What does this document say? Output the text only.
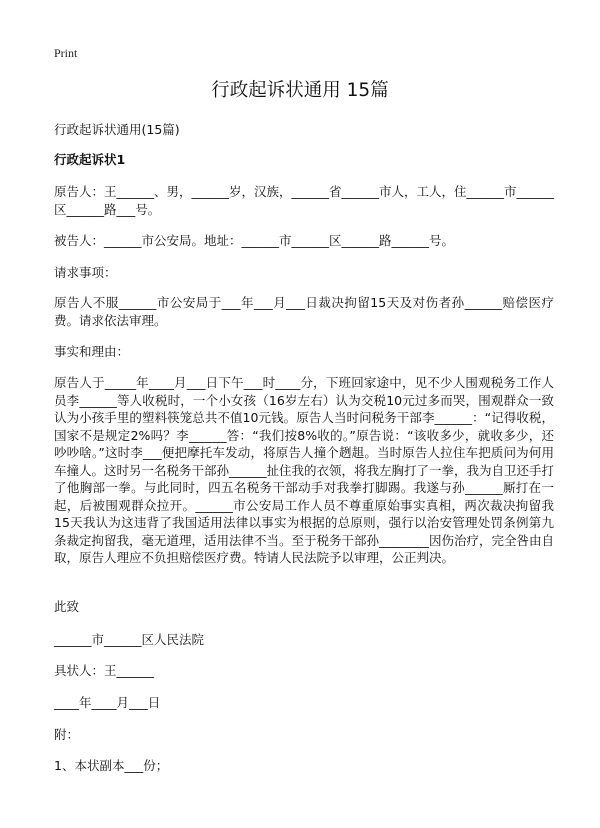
Print
行政起诉状通用 15篇

行政起诉状通用(15篇)

行政起诉状1

原告人：王______、男，______岁，汉族，______省______市人，工人，住______市______区______路___号。

被告人：______市公安局。地址：______市______区______路______号。

请求事项：

原告人不服______市公安局于___年___月___日裁决拘留15天及对伤者孙______赔偿医疗费。请求依法审理。

事实和理由：

原告人于_____年____月___日下午___时____分，下班回家途中，见不少人围观税务工作人员李______等人收税时，一个小女孩（16岁左右）认为交税10元过多而哭，围观群众一致认为小孩手里的塑料筷笼总共不值10元钱。原告人当时问税务干部李______：“记得收税，国家不是规定2%吗？李______答：“我们按8%收的。”原告说：“该收多少，就收多少，还吵吵啥。”这时李___便把摩托车发动，将原告人撞个趔趄。当时原告人拉住车把质问为何用车撞人。这时另一名税务干部孙______扯住我的衣领，将我左胸打了一拳，我为自卫还手打了他胸部一拳。与此同时，四五名税务干部动手对我拳打脚踢。我遂与孙______厮打在一起，后被围观群众拉开。______市公安局工作人员不尊重原始事实真相，两次裁决拘留我15天我认为这违背了我国适用法律以事实为根据的总原则，强行以治安管理处罚条例第九条裁定拘留我，毫无道理，适用法律不当。至于税务干部孙________因伤治疗，完全咎由自取，原告人理应不负担赔偿医疗费。特请人民法院予以审理，公正判决。

此致

______市______区人民法院

具状人：王______

____年____月___日

附：

1、本状副本___份；
